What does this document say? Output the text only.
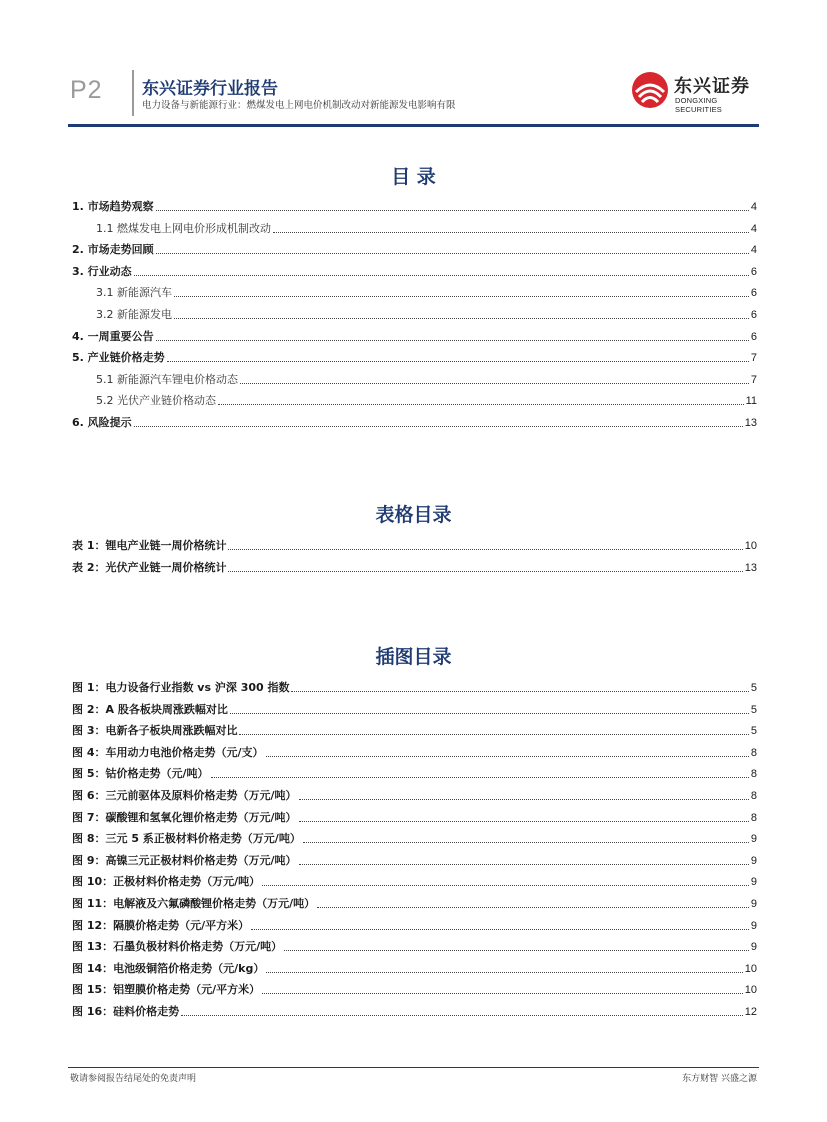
P2 东兴证券行业报告
电力设备与新能源行业：燃煤发电上网电价机制改动对新能源发电影响有限
东兴证券
DONGXING SECURITIES
目 录
1. 市场趋势观察	4
1.1 燃煤发电上网电价形成机制改动	4
2. 市场走势回顾	4
3. 行业动态	6
3.1 新能源汽车	6
3.2 新能源发电	6
4. 一周重要公告	6
5. 产业链价格走势	7
5.1 新能源汽车锂电价格动态	7
5.2 光伏产业链价格动态	11
6. 风险提示	13
表格目录
表 1：锂电产业链一周价格统计	10
表 2：光伏产业链一周价格统计	13
插图目录
图 1：电力设备行业指数 vs 沪深 300 指数	5
图 2：A 股各板块周涨跌幅对比	5
图 3：电新各子板块周涨跌幅对比	5
图 4：车用动力电池价格走势（元/支）	8
图 5：钴价格走势（元/吨）	8
图 6：三元前驱体及原料价格走势（万元/吨）	8
图 7：碳酸锂和氢氧化锂价格走势（万元/吨）	8
图 8：三元 5 系正极材料价格走势（万元/吨）	9
图 9：高镍三元正极材料价格走势（万元/吨）	9
图 10：正极材料价格走势（万元/吨）	9
图 11：电解液及六氟磷酸锂价格走势（万元/吨）	9
图 12：隔膜价格走势（元/平方米）	9
图 13：石墨负极材料价格走势（万元/吨）	9
图 14：电池级铜箔价格走势（元/kg）	10
图 15：铝塑膜价格走势（元/平方米）	10
图 16：硅料价格走势	12
敬请参阅报告结尾处的免责声明	东方财智 兴盛之源
